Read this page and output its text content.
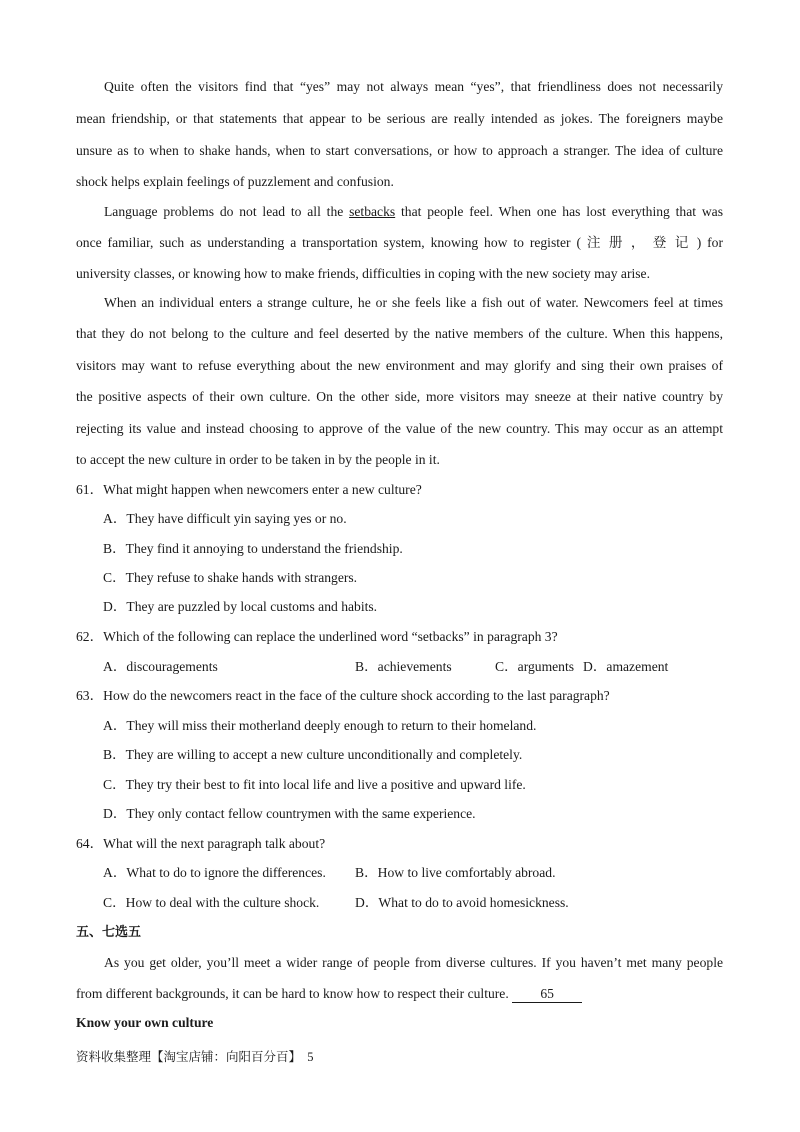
Quite often the visitors find that “yes” may not always mean “yes”, that friendliness does not necessarily
mean friendship, or that statements that appear to be serious are really intended as jokes. The foreigners maybe
unsure as to when to shake hands, when to start conversations, or how to approach a stranger. The idea of culture
shock helps explain feelings of puzzlement and confusion.
Language problems do not lead to all the setbacks that people feel. When one has lost everything that was
once familiar, such as understanding a transportation system, knowing how to register ( 注 册 ， 登 记 ) for
university classes, or knowing how to make friends, difficulties in coping with the new society may arise.
When an individual enters a strange culture, he or she feels like a fish out of water. Newcomers feel at times
that they do not belong to the culture and feel deserted by the native members of the culture. When this happens,
visitors may want to refuse everything about the new environment and may glorify and sing their own praises of
the positive aspects of their own culture. On the other side, more visitors may sneeze at their native country by
rejecting its value and instead choosing to approve of the value of the new country. This may occur as an attempt
to accept the new culture in order to be taken in by the people in it.
61．What might happen when newcomers enter a new culture?
A．They have difficult yin saying yes or no.
B．They find it annoying to understand the friendship.
C．They refuse to shake hands with strangers.
D．They are puzzled by local customs and habits.
62．Which of the following can replace the underlined word “setbacks” in paragraph 3?
A．discouragements	B．achievements	C．arguments D．amazement
63．How do the newcomers react in the face of the culture shock according to the last paragraph?
A．They will miss their motherland deeply enough to return to their homeland.
B．They are willing to accept a new culture unconditionally and completely.
C．They try their best to fit into local life and live a positive and upward life.
D．They only contact fellow countrymen with the same experience.
64．What will the next paragraph talk about?
A．What to do to ignore the differences. B．How to live comfortably abroad.
C．How to deal with the culture shock.	D．What to do to avoid homesickness.
五、七选五
As you get older, you’ll meet a wider range of people from diverse cultures. If you haven’t met many people
from different backgrounds, it can be hard to know how to respect their culture. 65
Know your own culture
资料收集整理【淘宝店铺：向阳百分百】 5
